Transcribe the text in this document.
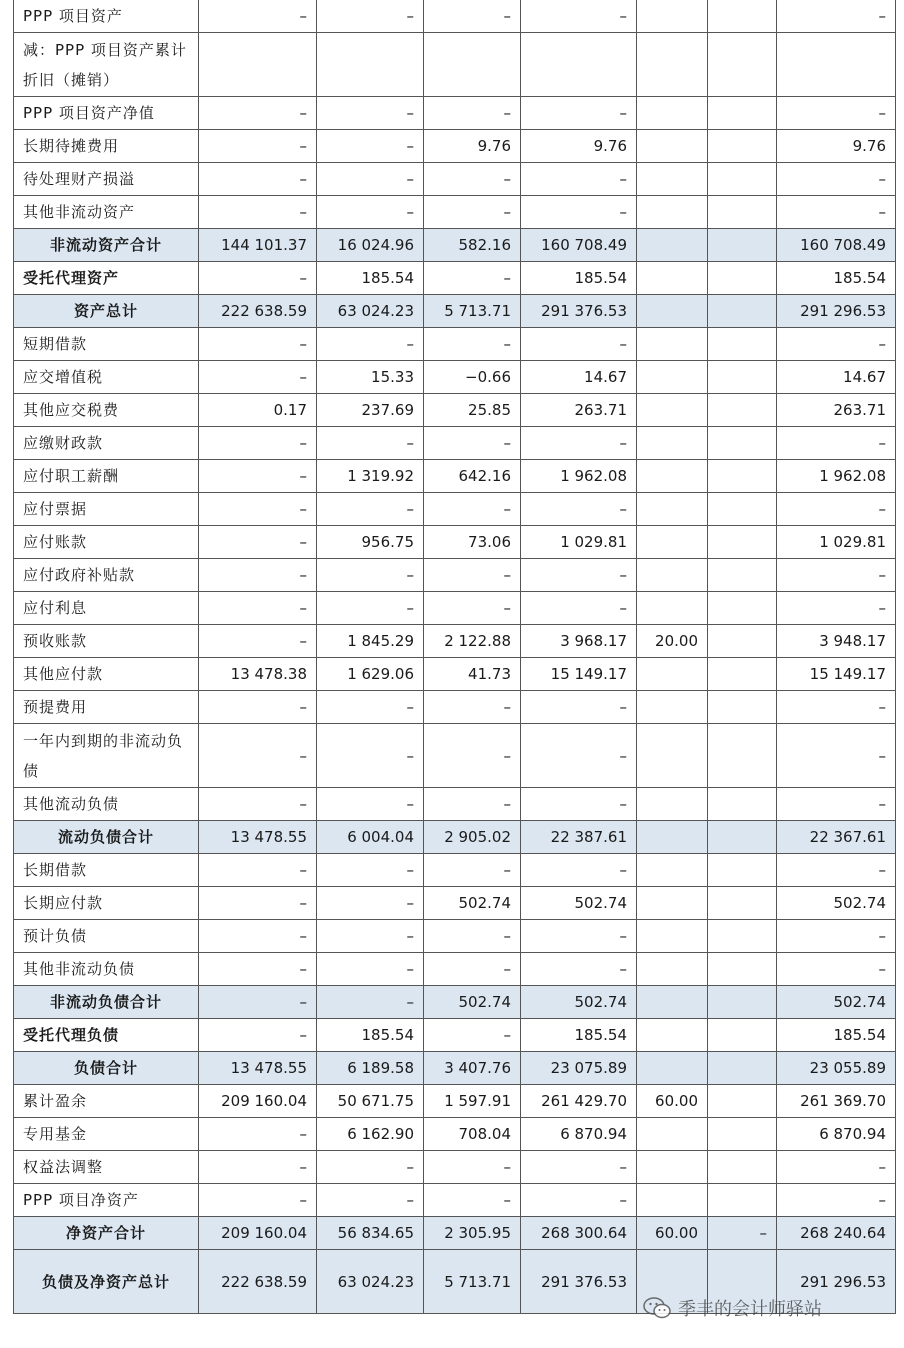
PPP 项目资产	–	–	–	–			–
减：PPP 项目资产累计折旧（摊销）							
PPP 项目资产净值	–	–	–	–			–
长期待摊费用	–	–	9.76	9.76			9.76
待处理财产损溢	–	–	–	–			–
其他非流动资产	–	–	–	–			–
非流动资产合计	144 101.37	16 024.96	582.16	160 708.49			160 708.49
受托代理资产	–	185.54	–	185.54			185.54
资产总计	222 638.59	63 024.23	5 713.71	291 376.53			291 296.53
短期借款	–	–	–	–			–
应交增值税	–	15.33	−0.66	14.67			14.67
其他应交税费	0.17	237.69	25.85	263.71			263.71
应缴财政款	–	–	–	–			–
应付职工薪酬	–	1 319.92	642.16	1 962.08			1 962.08
应付票据	–	–	–	–			–
应付账款	–	956.75	73.06	1 029.81			1 029.81
应付政府补贴款	–	–	–	–			–
应付利息	–	–	–	–			–
预收账款	–	1 845.29	2 122.88	3 968.17	20.00		3 948.17
其他应付款	13 478.38	1 629.06	41.73	15 149.17			15 149.17
预提费用	–	–	–	–			–
一年内到期的非流动负债	–	–	–	–			–
其他流动负债	–	–	–	–			–
流动负债合计	13 478.55	6 004.04	2 905.02	22 387.61			22 367.61
长期借款	–	–	–	–			–
长期应付款	–	–	502.74	502.74			502.74
预计负债	–	–	–	–			–
其他非流动负债	–	–	–	–			–
非流动负债合计	–	–	502.74	502.74			502.74
受托代理负债	–	185.54	–	185.54			185.54
负债合计	13 478.55	6 189.58	3 407.76	23 075.89			23 055.89
累计盈余	209 160.04	50 671.75	1 597.91	261 429.70	60.00		261 369.70
专用基金	–	6 162.90	708.04	6 870.94			6 870.94
权益法调整	–	–	–	–			–
PPP 项目净资产	–	–	–	–			–
净资产合计	209 160.04	56 834.65	2 305.95	268 300.64	60.00	–	268 240.64
负债及净资产总计	222 638.59	63 024.23	5 713.71	291 376.53			291 296.53
季丰的会计师驿站
